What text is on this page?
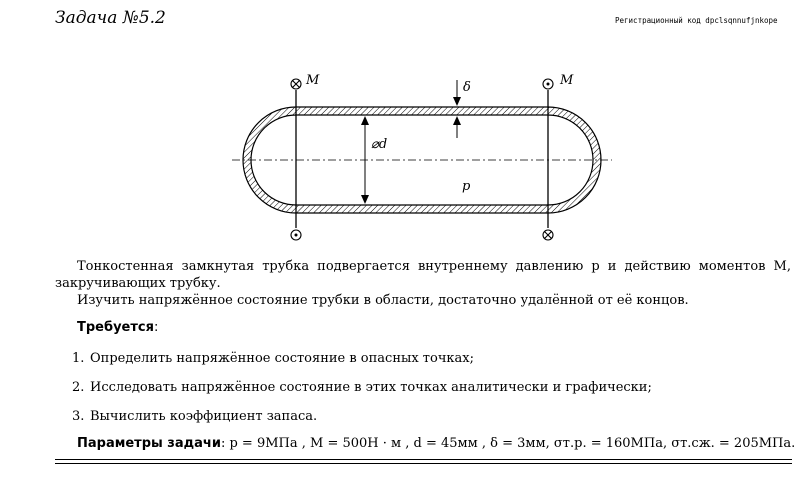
Задача №5.2	Регистрационный код dpclsqnnufjnkope
M	M
δ
⌀d
p
Тонкостенная замкнутая трубка подвергается внутреннему давлению p и действию моментов M, закручивающих трубку.
Изучить напряжённое состояние трубки в области, достаточно удалённой от её концов.
Требуется:
1. Определить напряжённое состояние в опасных точках;
2. Исследовать напряжённое состояние в этих точках аналитически и графически;
3. Вычислить коэффициент запаса.
Параметры задачи: p = 9МПа , M = 500Н · м , d = 45мм , δ = 3мм, σт.р. = 160МПа, σт.сж. = 205МПа.
